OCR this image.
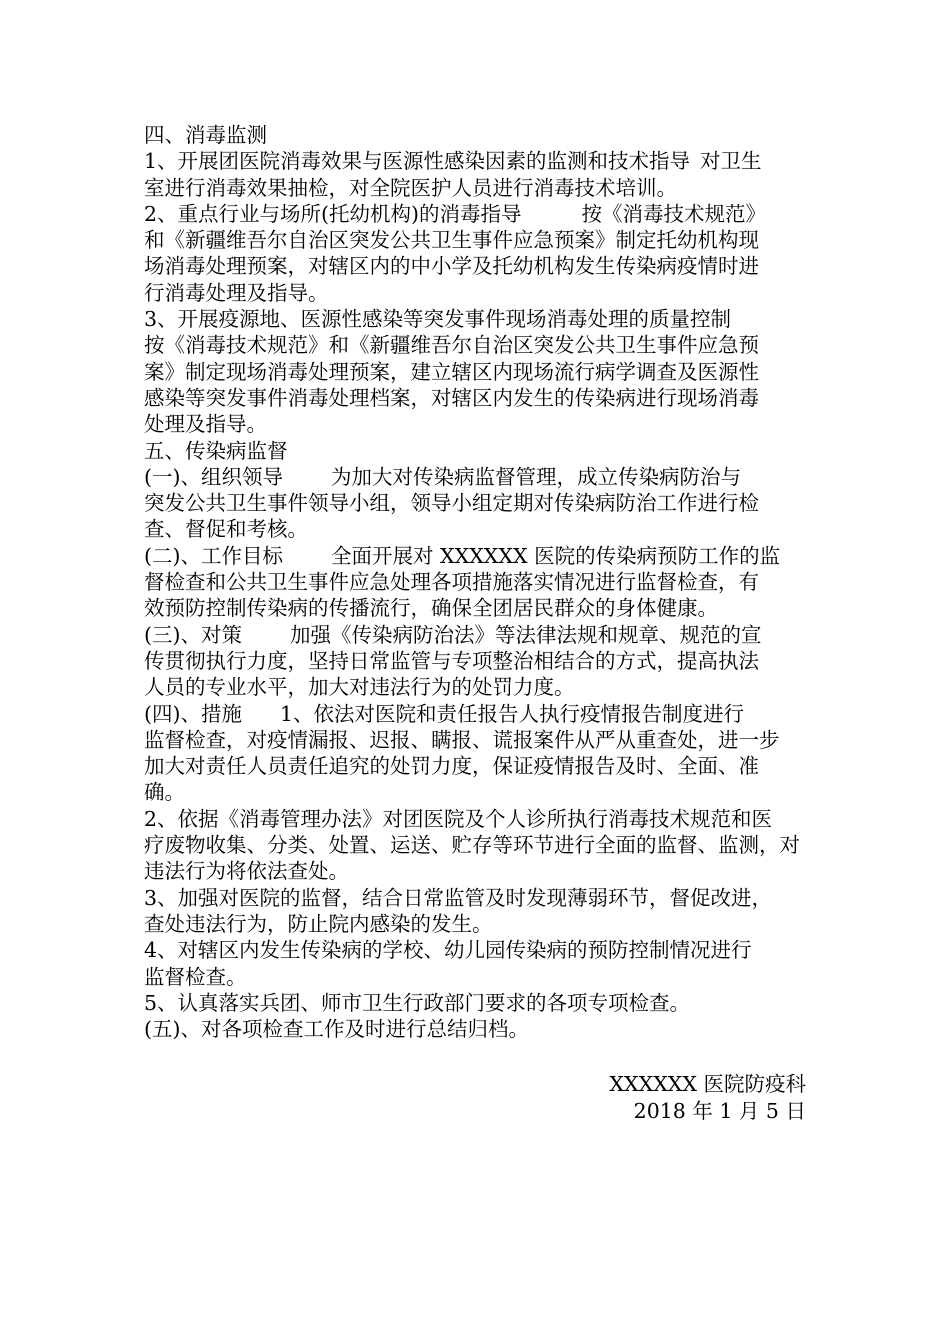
四、消毒监测
1、开展团医院消毒效果与医源性感染因素的监测和技术指导 对卫生
室进行消毒效果抽检，对全院医护人员进行消毒技术培训。
2、重点行业与场所(托幼机构)的消毒指导	按《消毒技术规范》
和《新疆维吾尔自治区突发公共卫生事件应急预案》制定托幼机构现
场消毒处理预案，对辖区内的中小学及托幼机构发生传染病疫情时进
行消毒处理及指导。
3、开展疫源地、医源性感染等突发事件现场消毒处理的质量控制
按《消毒技术规范》和《新疆维吾尔自治区突发公共卫生事件应急预
案》制定现场消毒处理预案，建立辖区内现场流行病学调查及医源性
感染等突发事件消毒处理档案，对辖区内发生的传染病进行现场消毒
处理及指导。
五、传染病监督
(一)、组织领导 为加大对传染病监督管理，成立传染病防治与
突发公共卫生事件领导小组，领导小组定期对传染病防治工作进行检
查、督促和考核。
(二)、工作目标 全面开展对 XXXXXX 医院的传染病预防工作的监
督检查和公共卫生事件应急处理各项措施落实情况进行监督检查，有
效预防控制传染病的传播流行，确保全团居民群众的身体健康。
(三)、对策 加强《传染病防治法》等法律法规和规章、规范的宣
传贯彻执行力度，坚持日常监管与专项整治相结合的方式，提高执法
人员的专业水平，加大对违法行为的处罚力度。
(四)、措施 1、依法对医院和责任报告人执行疫情报告制度进行
监督检查，对疫情漏报、迟报、瞒报、谎报案件从严从重查处，进一步
加大对责任人员责任追究的处罚力度，保证疫情报告及时、全面、准
确。
2、依据《消毒管理办法》对团医院及个人诊所执行消毒技术规范和医
疗废物收集、分类、处置、运送、贮存等环节进行全面的监督、监测，对
违法行为将依法查处。
3、加强对医院的监督，结合日常监管及时发现薄弱环节，督促改进，
查处违法行为，防止院内感染的发生。
4、对辖区内发生传染病的学校、幼儿园传染病的预防控制情况进行
监督检查。
5、认真落实兵团、师市卫生行政部门要求的各项专项检查。
(五)、对各项检查工作及时进行总结归档。
XXXXXX 医院防疫科
2018 年 1 月 5 日
